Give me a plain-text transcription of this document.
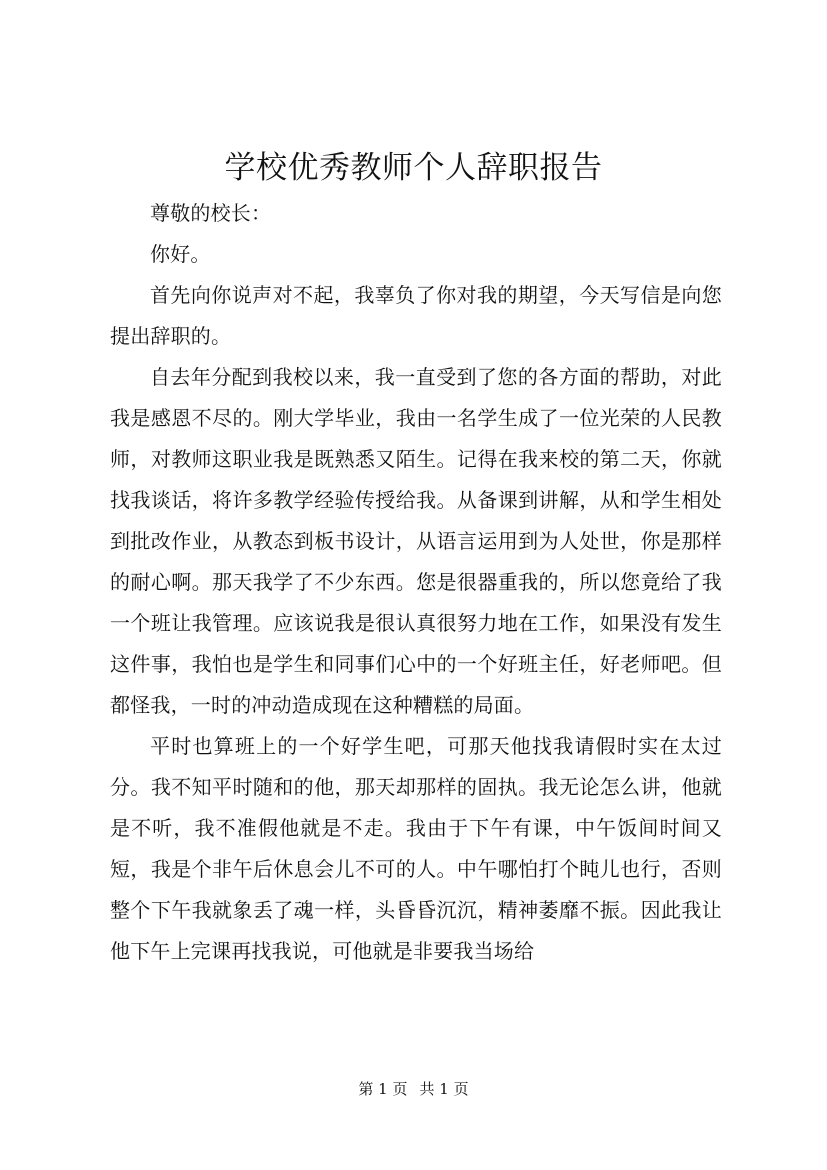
学校优秀教师个人辞职报告

尊敬的校长：

你好。

首先向你说声对不起，我辜负了你对我的期望，今天写信是向您提出辞职的。

自去年分配到我校以来，我一直受到了您的各方面的帮助，对此我是感恩不尽的。刚大学毕业，我由一名学生成了一位光荣的人民教师，对教师这职业我是既熟悉又陌生。记得在我来校的第二天，你就找我谈话，将许多教学经验传授给我。从备课到讲解，从和学生相处到批改作业，从教态到板书设计，从语言运用到为人处世，你是那样的耐心啊。那天我学了不少东西。您是很器重我的，所以您竟给了我一个班让我管理。应该说我是很认真很努力地在工作，如果没有发生这件事，我怕也是学生和同事们心中的一个好班主任，好老师吧。但都怪我，一时的冲动造成现在这种糟糕的局面。

平时也算班上的一个好学生吧，可那天他找我请假时实在太过分。我不知平时随和的他，那天却那样的固执。我无论怎么讲，他就是不听，我不准假他就是不走。我由于下午有课，中午饭间时间又短，我是个非午后休息会儿不可的人。中午哪怕打个盹儿也行，否则整个下午我就象丢了魂一样，头昏昏沉沉，精神萎靡不振。因此我让他下午上完课再找我说，可他就是非要我当场给

第 1 页 共 1 页
